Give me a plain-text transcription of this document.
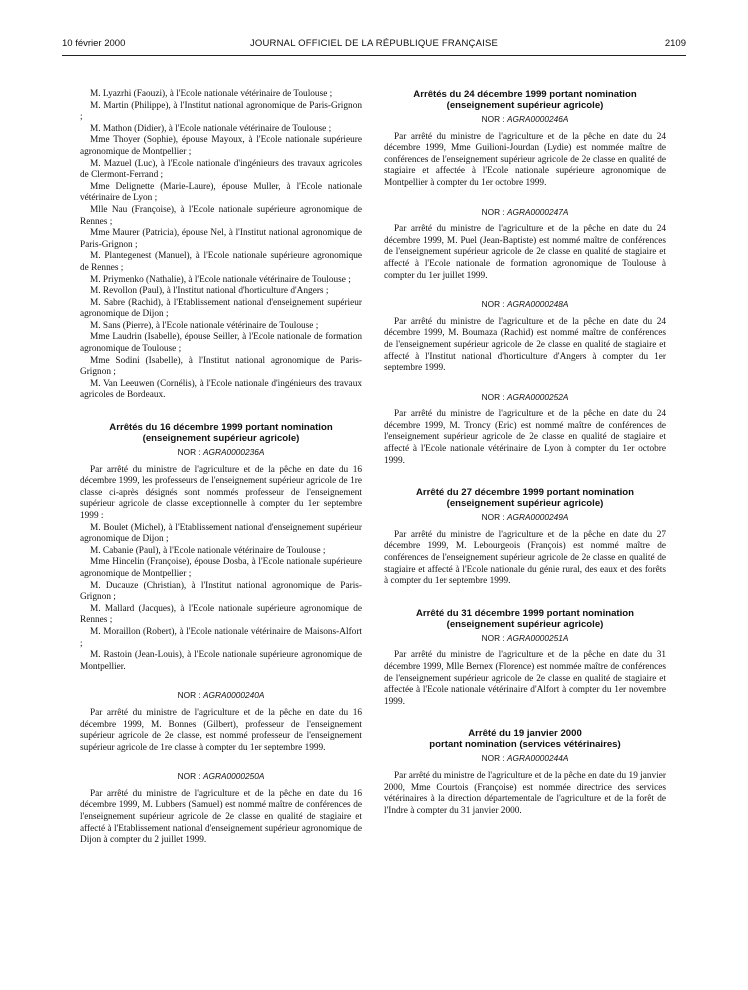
10 février 2000	JOURNAL OFFICIEL DE LA RÉPUBLIQUE FRANÇAISE	2109

M. Lyazrhi (Faouzi), à l'Ecole nationale vétérinaire de Toulouse ;

M. Martin (Philippe), à l'Institut national agronomique de Paris-Grignon ;

M. Mathon (Didier), à l'Ecole nationale vétérinaire de Toulouse ;

Mme Thoyer (Sophie), épouse Mayoux, à l'Ecole nationale supérieure agronomique de Montpellier ;

M. Mazuel (Luc), à l'Ecole nationale d'ingénieurs des travaux agricoles de Clermont-Ferrand ;

Mme Delignette (Marie-Laure), épouse Muller, à l'Ecole nationale vétérinaire de Lyon ;

Mlle Nau (Françoise), à l'Ecole nationale supérieure agronomique de Rennes ;

Mme Maurer (Patricia), épouse Nel, à l'Institut national agronomique de Paris-Grignon ;

M. Plantegenest (Manuel), à l'Ecole nationale supérieure agronomique de Rennes ;

M. Priymenko (Nathalie), à l'Ecole nationale vétérinaire de Toulouse ;

M. Revollon (Paul), à l'Institut national d'horticulture d'Angers ;

M. Sabre (Rachid), à l'Etablissement national d'enseignement supérieur agronomique de Dijon ;

M. Sans (Pierre), à l'Ecole nationale vétérinaire de Toulouse ;

Mme Laudrin (Isabelle), épouse Seiller, à l'Ecole nationale de formation agronomique de Toulouse ;

Mme Sodini (Isabelle), à l'Institut national agronomique de Paris-Grignon ;

M. Van Leeuwen (Cornélis), à l'Ecole nationale d'ingénieurs des travaux agricoles de Bordeaux.

Arrêtés du 16 décembre 1999 portant nomination

(enseignement supérieur agricole)

NOR : AGRA0000236A

Par arrêté du ministre de l'agriculture et de la pêche en date du 16 décembre 1999, les professeurs de l'enseignement supérieur agricole de 1re classe ci-après désignés sont nommés professeur de l'enseignement supérieur agricole de classe exceptionnelle à compter du 1er septembre 1999 :

M. Boulet (Michel), à l'Etablissement national d'enseignement supérieur agronomique de Dijon ;

M. Cabanie (Paul), à l'Ecole nationale vétérinaire de Toulouse ;

Mme Hincelin (Françoise), épouse Dosba, à l'Ecole nationale supérieure agronomique de Montpellier ;

M. Ducauze (Christian), à l'Institut national agronomique de Paris-Grignon ;

M. Mallard (Jacques), à l'Ecole nationale supérieure agronomique de Rennes ;

M. Moraillon (Robert), à l'Ecole nationale vétérinaire de Maisons-Alfort ;

M. Rastoin (Jean-Louis), à l'Ecole nationale supérieure agronomique de Montpellier.

NOR : AGRA0000240A

Par arrêté du ministre de l'agriculture et de la pêche en date du 16 décembre 1999, M. Bonnes (Gilbert), professeur de l'enseignement supérieur agricole de 2e classe, est nommé professeur de l'enseignement supérieur agricole de 1re classe à compter du 1er septembre 1999.

NOR : AGRA0000250A

Par arrêté du ministre de l'agriculture et de la pêche en date du 16 décembre 1999, M. Lubbers (Samuel) est nommé maître de conférences de l'enseignement supérieur agricole de 2e classe en qualité de stagiaire et affecté à l'Etablissement national d'enseignement supérieur agronomique de Dijon à compter du 2 juillet 1999.

Arrêtés du 24 décembre 1999 portant nomination

(enseignement supérieur agricole)

NOR : AGRA0000246A

Par arrêté du ministre de l'agriculture et de la pêche en date du 24 décembre 1999, Mme Guilioni-Jourdan (Lydie) est nommée maître de conférences de l'enseignement supérieur agricole de 2e classe en qualité de stagiaire et affectée à l'Ecole nationale supérieure agronomique de Montpellier à compter du 1er octobre 1999.

NOR : AGRA0000247A

Par arrêté du ministre de l'agriculture et de la pêche en date du 24 décembre 1999, M. Puel (Jean-Baptiste) est nommé maître de conférences de l'enseignement supérieur agricole de 2e classe en qualité de stagiaire et affecté à l'Ecole nationale de formation agronomique de Toulouse à compter du 1er juillet 1999.

NOR : AGRA0000248A

Par arrêté du ministre de l'agriculture et de la pêche en date du 24 décembre 1999, M. Boumaza (Rachid) est nommé maître de conférences de l'enseignement supérieur agricole de 2e classe en qualité de stagiaire et affecté à l'Institut national d'horticulture d'Angers à compter du 1er septembre 1999.

NOR : AGRA0000252A

Par arrêté du ministre de l'agriculture et de la pêche en date du 24 décembre 1999, M. Troncy (Eric) est nommé maître de conférences de l'enseignement supérieur agricole de 2e classe en qualité de stagiaire et affecté à l'Ecole nationale vétérinaire de Lyon à compter du 1er octobre 1999.

Arrêté du 27 décembre 1999 portant nomination

(enseignement supérieur agricole)

NOR : AGRA0000249A

Par arrêté du ministre de l'agriculture et de la pêche en date du 27 décembre 1999, M. Lebourgeois (François) est nommé maître de conférences de l'enseignement supérieur agricole de 2e classe en qualité de stagiaire et affecté à l'Ecole nationale du génie rural, des eaux et des forêts à compter du 1er septembre 1999.

Arrêté du 31 décembre 1999 portant nomination

(enseignement supérieur agricole)

NOR : AGRA0000251A

Par arrêté du ministre de l'agriculture et de la pêche en date du 31 décembre 1999, Mlle Bernex (Florence) est nommée maître de conférences de l'enseignement supérieur agricole de 2e classe en qualité de stagiaire et affectée à l'Ecole nationale vétérinaire d'Alfort à compter du 1er novembre 1999.

Arrêté du 19 janvier 2000

portant nomination (services vétérinaires)

NOR : AGRA0000244A

Par arrêté du ministre de l'agriculture et de la pêche en date du 19 janvier 2000, Mme Courtois (Françoise) est nommée directrice des services vétérinaires à la direction départementale de l'agriculture et de la forêt de l'Indre à compter du 31 janvier 2000.
